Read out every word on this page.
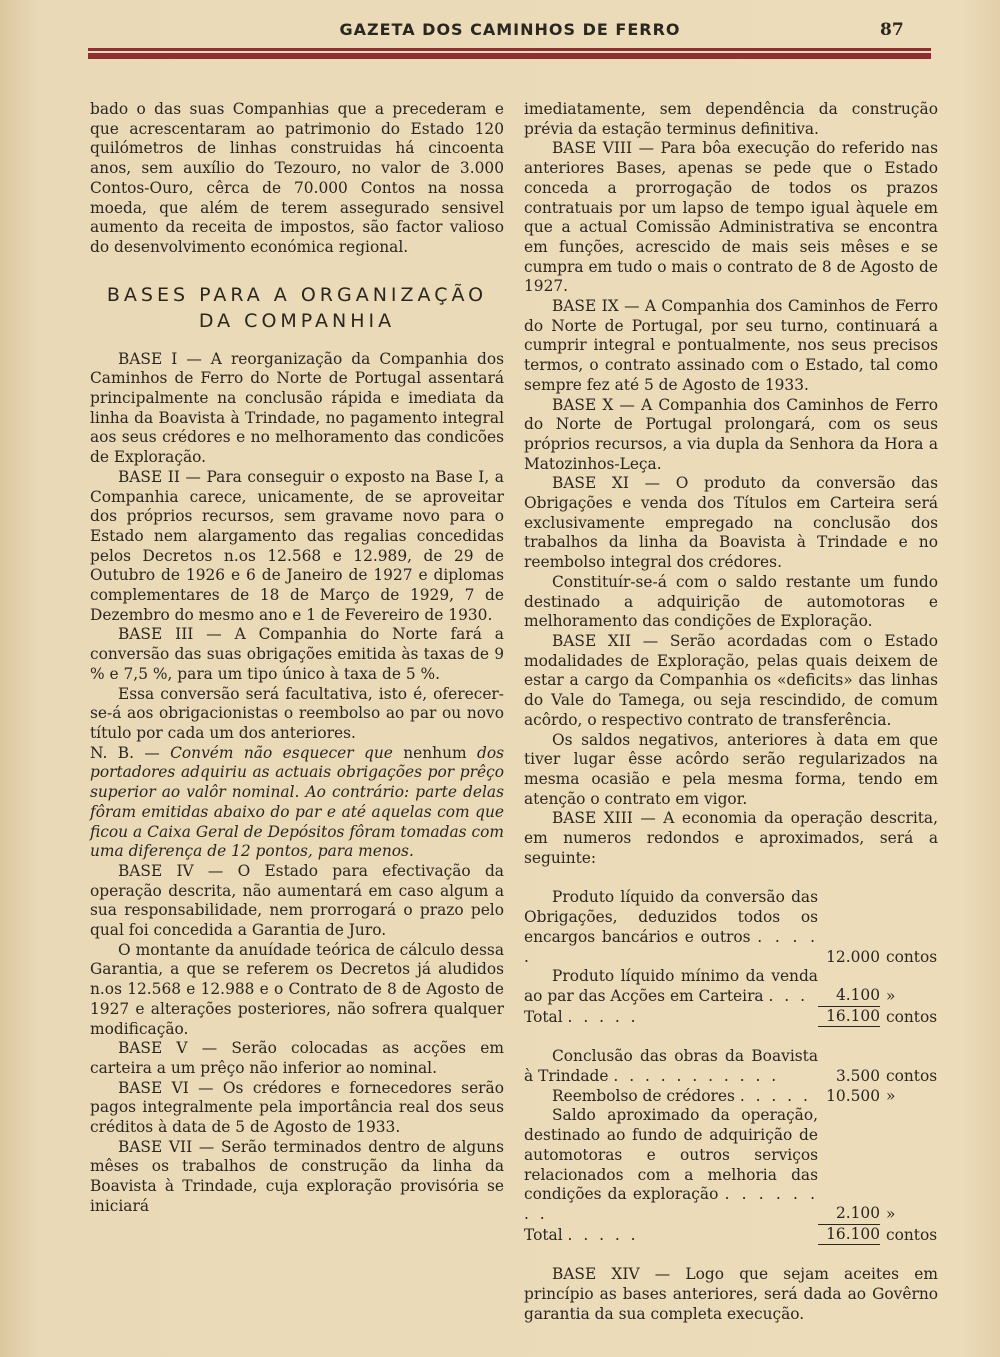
GAZETA DOS CAMINHOS DE FERRO	87

bado o das suas Companhias que a precederam e que acrescentaram ao patrimonio do Estado 120 quilómetros de linhas construidas há cincoenta anos, sem auxílio do Tezouro, no valor de 3.000 Contos-Ouro, cêrca de 70.000 Contos na nossa moeda, que além de terem assegurado sensivel aumento da receita de impostos, são factor valioso do desenvolvimento económica regional.

BASES PARA A ORGANIZAÇÃO
DA COMPANHIA

BASE I — A reorganização da Companhia dos Caminhos de Ferro do Norte de Portugal assentará principalmente na conclusão rápida e imediata da linha da Boavista à Trindade, no pagamento integral aos seus crédores e no melhoramento das condicões de Exploração.

BASE II — Para conseguir o exposto na Base I, a Companhia carece, unicamente, de se aproveitar dos próprios recursos, sem gravame novo para o Estado nem alargamento das regalias concedidas pelos Decretos n.os 12.568 e 12.989, de 29 de Outubro de 1926 e 6 de Janeiro de 1927 e diplomas complementares de 18 de Março de 1929, 7 de Dezembro do mesmo ano e 1 de Fevereiro de 1930.

BASE III — A Companhia do Norte fará a conversão das suas obrigações emitida às taxas de 9 % e 7,5 %, para um tipo único à taxa de 5 %.

Essa conversão será facultativa, isto é, oferecer-se-á aos obrigacionistas o reembolso ao par ou novo título por cada um dos anteriores.

N. B. — Convém não esquecer que nenhum dos portadores adquiriu as actuais obrigações por prêço superior ao valôr nominal. Ao contrário: parte delas fôram emitidas abaixo do par e até aquelas com que ficou a Caixa Geral de Depósitos fôram tomadas com uma diferença de 12 pontos, para menos.

BASE IV — O Estado para efectivação da operação descrita, não aumentará em caso algum a sua responsabilidade, nem prorrogará o prazo pelo qual foi concedida a Garantia de Juro.

O montante da anuídade teórica de cálculo dessa Garantia, a que se referem os Decretos já aludidos n.os 12.568 e 12.988 e o Contrato de 8 de Agosto de 1927 e alterações posteriores, não sofrera qualquer modificação.

BASE V — Serão colocadas as acções em carteira a um prêço não inferior ao nominal.

BASE VI — Os crédores e fornecedores serão pagos integralmente pela importância real dos seus créditos à data de 5 de Agosto de 1933.

BASE VII — Serão terminados dentro de alguns mêses os trabalhos de construção da linha da Boavista à Trindade, cuja exploração provisória se iniciará

imediatamente, sem dependência da construção prévia da estação terminus definitiva.

BASE VIII — Para bôa execução do referido nas anteriores Bases, apenas se pede que o Estado conceda a prorrogação de todos os prazos contratuais por um lapso de tempo igual àquele em que a actual Comissão Administrativa se encontra em funções, acrescido de mais seis mêses e se cumpra em tudo o mais o contrato de 8 de Agosto de 1927.

BASE IX — A Companhia dos Caminhos de Ferro do Norte de Portugal, por seu turno, continuará a cumprir integral e pontualmente, nos seus precisos termos, o contrato assinado com o Estado, tal como sempre fez até 5 de Agosto de 1933.

BASE X — A Companhia dos Caminhos de Ferro do Norte de Portugal prolongará, com os seus próprios recursos, a via dupla da Senhora da Hora a Matozinhos-Leça.

BASE XI — O produto da conversão das Obrigações e venda dos Títulos em Carteira será exclusivamente empregado na conclusão dos trabalhos da linha da Boavista à Trindade e no reembolso integral dos crédores.

Constituír-se-á com o saldo restante um fundo destinado a adquirição de automotoras e melhoramento das condições de Exploração.

BASE XII — Serão acordadas com o Estado modalidades de Exploração, pelas quais deixem de estar a cargo da Companhia os «deficits» das linhas do Vale do Tamega, ou seja rescindido, de comum acôrdo, o respectivo contrato de transferência.

Os saldos negativos, anteriores à data em que tiver lugar êsse acôrdo serão regularizados na mesma ocasião e pela mesma forma, tendo em atenção o contrato em vigor.

BASE XIII — A economia da operação descrita, em numeros redondos e aproximados, será a seguinte:

Produto líquido da conversão das Obrigações, deduzidos todos os encargos bancários e outros . . . . .	12.000 contos
Produto líquido mínimo da venda ao par das Acções em Carteira . . .	4.100 »
Total . . . . .	16.100 contos
Conclusão das obras da Boavista à Trindade . . . . . . . . . . .	3.500 contos
Reembolso de crédores . . . . . 10.500 »
Saldo aproximado da operação, destinado ao fundo de adquirição de automotoras e outros serviços relacionados com a melhoria das condições da exploração . . . . . . . .	2.100 »
Total . . . . .	16.100 contos

BASE XIV — Logo que sejam aceites em princípio as bases anteriores, será dada ao Govêrno garantia da sua completa execução.
